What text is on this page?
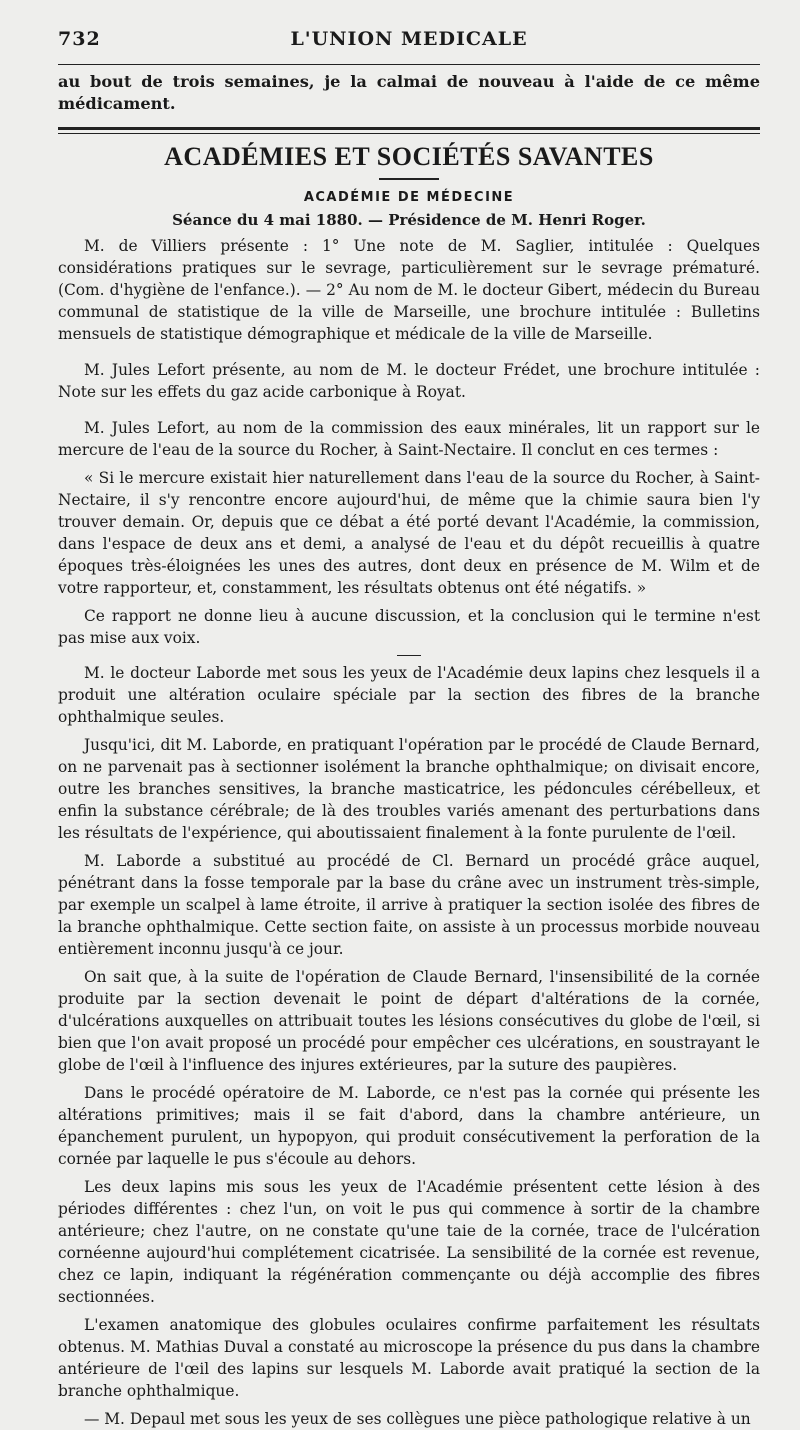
732	L'UNION MEDICALE

au bout de trois semaines, je la calmai de nouveau à l'aide de ce même médicament.

ACADÉMIES ET SOCIÉTÉS SAVANTES
ACADÉMIE DE MÉDECINE
Séance du 4 mai 1880. — Présidence de M. Henri Roger.

M. de Villiers présente : 1° Une note de M. Saglier, intitulée : Quelques considérations pratiques sur le sevrage, particulièrement sur le sevrage prématuré. (Com. d'hygiène de l'enfance.). — 2° Au nom de M. le docteur Gibert, médecin du Bureau communal de statistique de la ville de Marseille, une brochure intitulée : Bulletins mensuels de statistique démographique et médicale de la ville de Marseille.

M. Jules Lefort présente, au nom de M. le docteur Frédet, une brochure intitulée : Note sur les effets du gaz acide carbonique à Royat.

M. Jules Lefort, au nom de la commission des eaux minérales, lit un rapport sur le mercure de l'eau de la source du Rocher, à Saint-Nectaire. Il conclut en ces termes :

« Si le mercure existait hier naturellement dans l'eau de la source du Rocher, à Saint-Nectaire, il s'y rencontre encore aujourd'hui, de même que la chimie saura bien l'y trouver demain. Or, depuis que ce débat a été porté devant l'Académie, la commission, dans l'espace de deux ans et demi, a analysé de l'eau et du dépôt recueillis à quatre époques très-éloignées les unes des autres, dont deux en présence de M. Wilm et de votre rapporteur, et, constamment, les résultats obtenus ont été négatifs. »

Ce rapport ne donne lieu à aucune discussion, et la conclusion qui le termine n'est pas mise aux voix.

M. le docteur Laborde met sous les yeux de l'Académie deux lapins chez lesquels il a produit une altération oculaire spéciale par la section des fibres de la branche ophthalmique seules.

Jusqu'ici, dit M. Laborde, en pratiquant l'opération par le procédé de Claude Bernard, on ne parvenait pas à sectionner isolément la branche ophthalmique; on divisait encore, outre les branches sensitives, la branche masticatrice, les pédoncules cérébelleux, et enfin la substance cérébrale; de là des troubles variés amenant des perturbations dans les résultats de l'expérience, qui aboutissaient finalement à la fonte purulente de l'œil.

M. Laborde a substitué au procédé de Cl. Bernard un procédé grâce auquel, pénétrant dans la fosse temporale par la base du crâne avec un instrument très-simple, par exemple un scalpel à lame étroite, il arrive à pratiquer la section isolée des fibres de la branche ophthalmique. Cette section faite, on assiste à un processus morbide nouveau entièrement inconnu jusqu'à ce jour.

On sait que, à la suite de l'opération de Claude Bernard, l'insensibilité de la cornée produite par la section devenait le point de départ d'altérations de la cornée, d'ulcérations auxquelles on attribuait toutes les lésions consécutives du globe de l'œil, si bien que l'on avait proposé un procédé pour empêcher ces ulcérations, en soustrayant le globe de l'œil à l'influence des injures extérieures, par la suture des paupières.

Dans le procédé opératoire de M. Laborde, ce n'est pas la cornée qui présente les altérations primitives; mais il se fait d'abord, dans la chambre antérieure, un épanchement purulent, un hypopyon, qui produit consécutivement la perforation de la cornée par laquelle le pus s'écoule au dehors.

Les deux lapins mis sous les yeux de l'Académie présentent cette lésion à des périodes différentes : chez l'un, on voit le pus qui commence à sortir de la chambre antérieure; chez l'autre, on ne constate qu'une taie de la cornée, trace de l'ulcération cornéenne aujourd'hui complétement cicatrisée. La sensibilité de la cornée est revenue, chez ce lapin, indiquant la régénération commençante ou déjà accomplie des fibres sectionnées.

L'examen anatomique des globules oculaires confirme parfaitement les résultats obtenus. M. Mathias Duval a constaté au microscope la présence du pus dans la chambre antérieure de l'œil des lapins sur lesquels M. Laborde avait pratiqué la section de la branche ophthalmique.

— M. Depaul met sous les yeux de ses collègues une pièce pathologique relative à un
